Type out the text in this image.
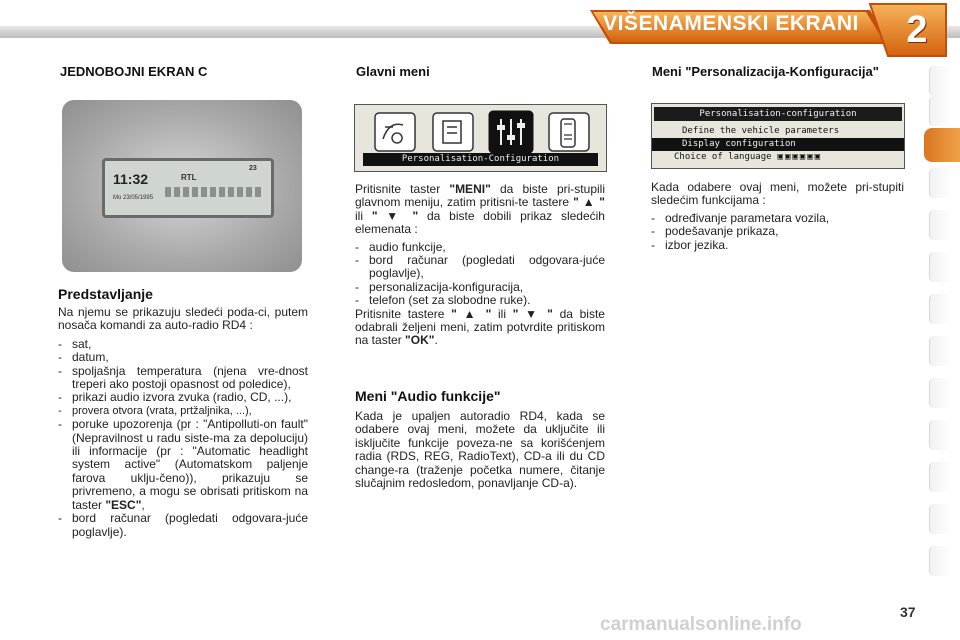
VIŠENAMENSKI EKRANI	2
JEDNOBOJNI EKRAN C
11:32
Mo 23/05/1995
RTL
23
Predstavljanje

Na njemu se prikazuju sledeći poda-ci, putem nosača komandi za auto-radio RD4 :

- sat,

- datum,

- spoljašnja temperatura (njena vre-dnost treperi ako postoji opasnost od poledice),

- prikazi audio izvora zvuka (radio, CD, ...),

- provera otvora (vrata, prtžaljnika, ...),

- poruke upozorenja (pr : "Antipolluti-on fault" (Nepravilnost u radu siste-ma za depoluciju) ili informacije (pr : "Automatic headlight system active" (Automatskom paljenje farova uklju-čeno)), prikazuju se privremeno, a mogu se obrisati pritiskom na taster "ESC",

- bord računar (pogledati odgovara-juće poglavlje).

Glavni meni
Personalisation-Configuration

Pritisnite taster "MENI" da biste pri-stupili glavnom meniju, zatim pritisni-te tastere " ▲ " ili " ▼ " da biste dobili prikaz sledećih elemenata :

- audio funkcije,

- bord računar (pogledati odgovara-juće poglavlje),

- personalizacija-konfiguracija,

- telefon (set za slobodne ruke).

Pritisnite tastere " ▲ " ili " ▼ " da biste odabrali željeni meni, zatim potvrdite pritiskom na taster "OK".

Meni "Audio funkcije"

Kada je upaljen autoradio RD4, kada se odabere ovaj meni, možete da uključite ili isključite funkcije poveza-ne sa korišćenjem radia (RDS, REG, RadioText), CD-a ili du CD change-ra (traženje početka numere, čitanje slučajnim redosledom, ponavljanje CD-a).

Meni "Personalizacija-Konfiguracija"
Personalisation-configuration
Define the vehicle parameters
Display configuration
Choice of language ▣▣▣▣▣▣

Kada odabere ovaj meni, možete pri-stupiti sledećim funkcijama :

- određivanje parametara vozila,

- podešavanje prikaza,

- izbor jezika.

carmanualsonline.info
37
